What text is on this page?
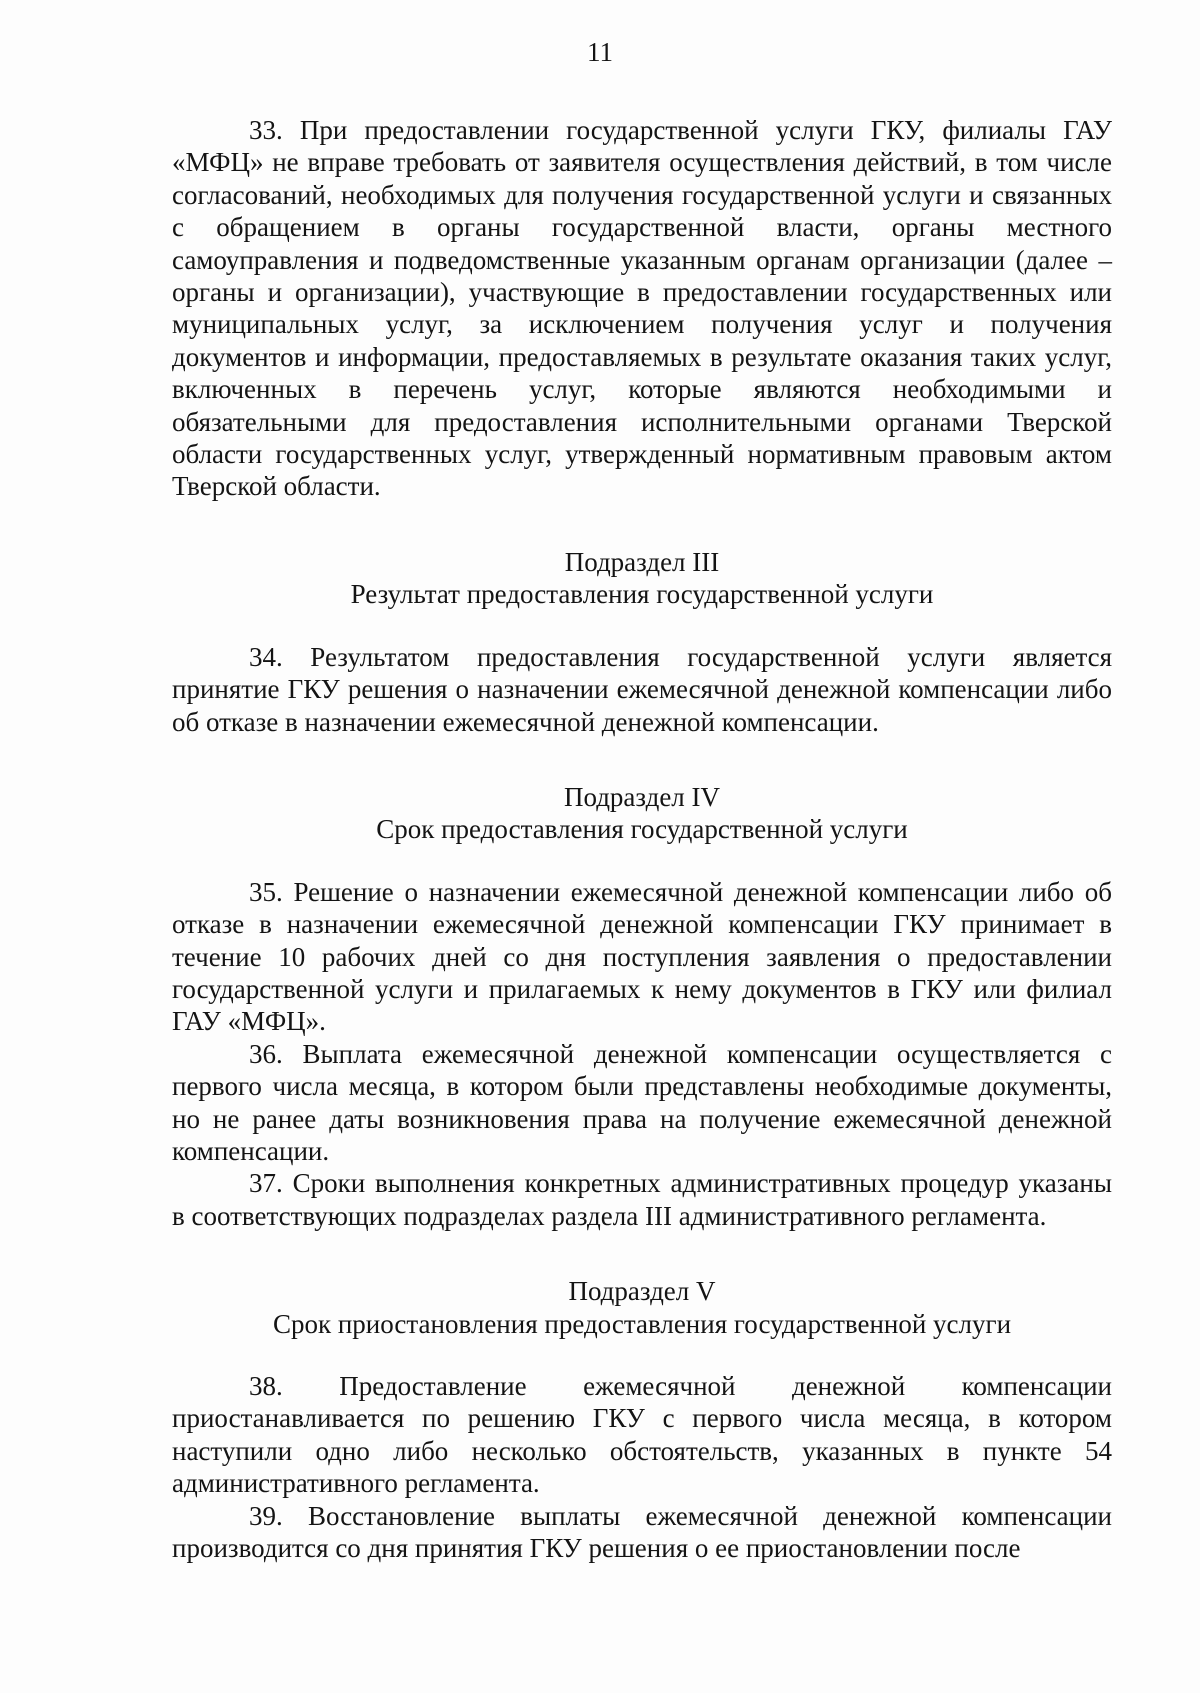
11

33. При предоставлении государственной услуги ГКУ, филиалы ГАУ «МФЦ» не вправе требовать от заявителя осуществления действий, в том числе согласований, необходимых для получения государственной услуги и связанных с обращением в органы государственной власти, органы местного самоуправления и подведомственные указанным органам организации (далее – органы и организации), участвующие в предоставлении государственных или муниципальных услуг, за исключением получения услуг и получения документов и информации, предоставляемых в результате оказания таких услуг, включенных в перечень услуг, которые являются необходимыми и обязательными для предоставления исполнительными органами Тверской области государственных услуг, утвержденный нормативным правовым актом Тверской области.

Подраздел III

Результат предоставления государственной услуги

34. Результатом предоставления государственной услуги является принятие ГКУ решения о назначении ежемесячной денежной компенсации либо об отказе в назначении ежемесячной денежной компенсации.

Подраздел IV

Срок предоставления государственной услуги

35. Решение о назначении ежемесячной денежной компенсации либо об отказе в назначении ежемесячной денежной компенсации ГКУ принимает в течение 10 рабочих дней со дня поступления заявления о предоставлении государственной услуги и прилагаемых к нему документов в ГКУ или филиал ГАУ «МФЦ».

36. Выплата ежемесячной денежной компенсации осуществляется с первого числа месяца, в котором были представлены необходимые документы, но не ранее даты возникновения права на получение ежемесячной денежной компенсации.

37. Сроки выполнения конкретных административных процедур указаны в соответствующих подразделах раздела III административного регламента.

Подраздел V

Срок приостановления предоставления государственной услуги

38. Предоставление ежемесячной денежной компенсации приостанавливается по решению ГКУ с первого числа месяца, в котором наступили одно либо несколько обстоятельств, указанных в пункте 54 административного регламента.

39. Восстановление выплаты ежемесячной денежной компенсации производится со дня принятия ГКУ решения о ее приостановлении после
